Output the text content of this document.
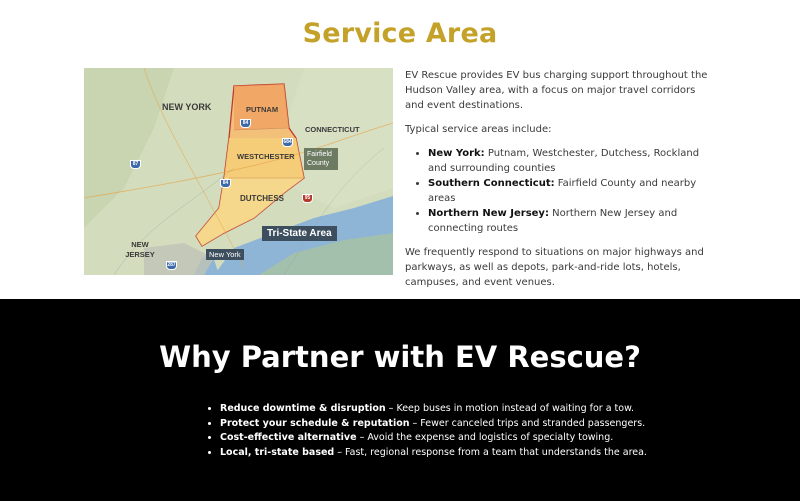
Service Area
NEW YORK	PUTNAM
WESTCHESTER
DUTCHESS
CONNECTICUT
NEW JERSEY
Fairfield County
Tri-State Area
New York
84
684
87
84
95
287

EV Rescue provides EV bus charging support throughout the Hudson Valley area, with a focus on major travel corridors and event destinations.

Typical service areas include:

• New York: Putnam, Westchester, Dutchess, Rockland and surrounding counties
• Southern Connecticut: Fairfield County and nearby areas
• Northern New Jersey: Northern New Jersey and connecting routes

We frequently respond to situations on major highways and parkways, as well as depots, park-and-ride lots, hotels, campuses, and event venues.

Why Partner with EV Rescue?
• Reduce downtime & disruption – Keep buses in motion instead of waiting for a tow.
• Protect your schedule & reputation – Fewer canceled trips and stranded passengers.
• Cost-effective alternative – Avoid the expense and logistics of specialty towing.
• Local, tri-state based – Fast, regional response from a team that understands the area.
